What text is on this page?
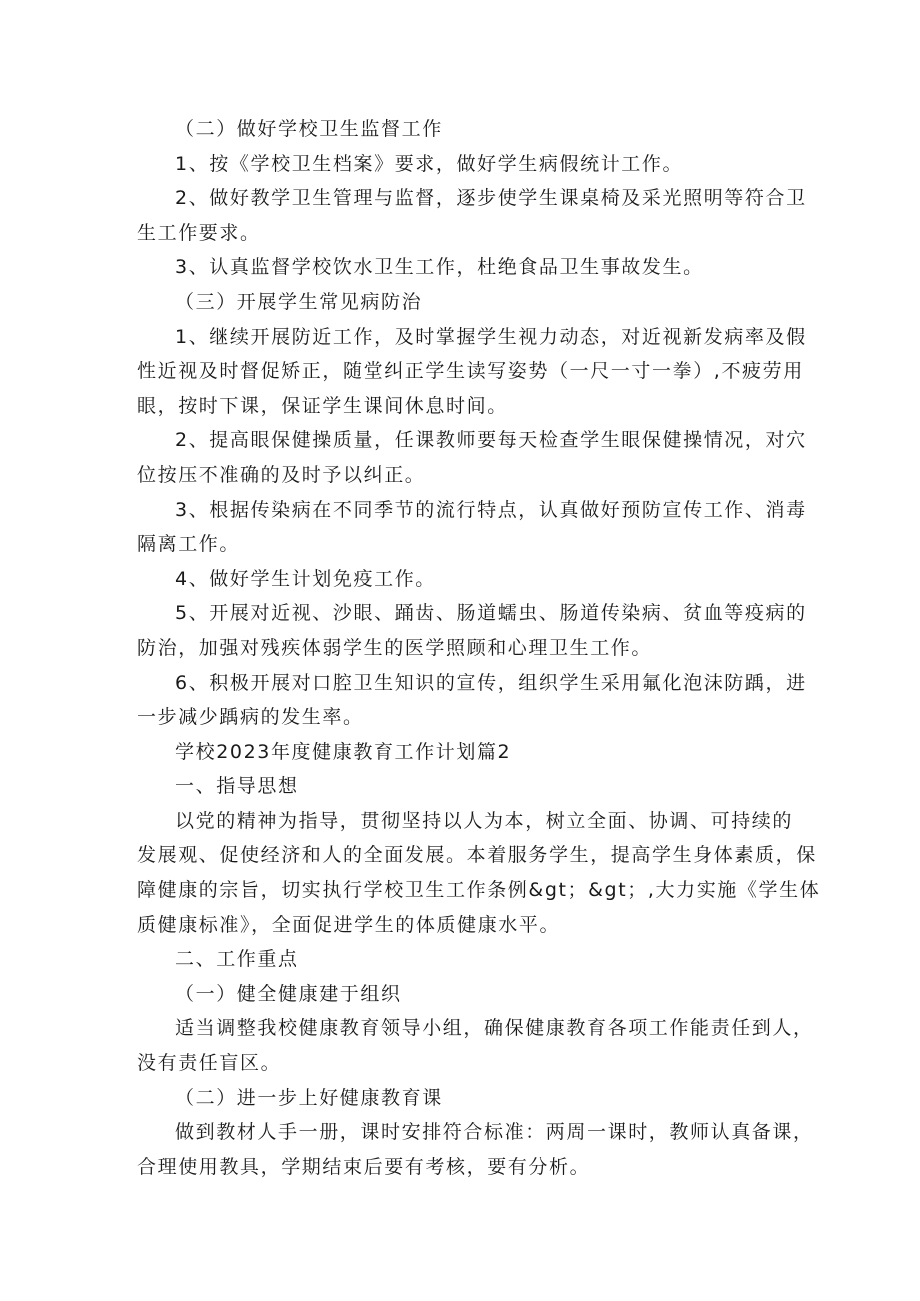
（二）做好学校卫生监督工作

1、按《学校卫生档案》要求，做好学生病假统计工作。

2、做好教学卫生管理与监督，逐步使学生课桌椅及采光照明等符合卫

生工作要求。

3、认真监督学校饮水卫生工作，杜绝食品卫生事故发生。

（三）开展学生常见病防治

1、继续开展防近工作，及时掌握学生视力动态，对近视新发病率及假

性近视及时督促矫正，随堂纠正学生读写姿势（一尺一寸一拳）,不疲劳用

眼，按时下课，保证学生课间休息时间。

2、提高眼保健操质量，任课教师要每天检查学生眼保健操情况，对穴

位按压不准确的及时予以纠正。

3、根据传染病在不同季节的流行特点，认真做好预防宣传工作、消毒

隔离工作。

4、做好学生计划免疫工作。

5、开展对近视、沙眼、踊齿、肠道蠕虫、肠道传染病、贫血等疫病的

防治，加强对残疾体弱学生的医学照顾和心理卫生工作。

6、积极开展对口腔卫生知识的宣传，组织学生采用氟化泡沫防踽，进

一步减少踽病的发生率。

学校2023年度健康教育工作计划篇2

一、指导思想

以党的精神为指导，贯彻坚持以人为本，树立全面、协调、可持续的

发展观、促使经济和人的全面发展。本着服务学生，提高学生身体素质，保

障健康的宗旨，切实执行学校卫生工作条例&gt；&gt；,大力实施《学生体

质健康标准》，全面促进学生的体质健康水平。

二、工作重点

（一）健全健康建于组织

适当调整我校健康教育领导小组，确保健康教育各项工作能责任到人，

没有责任盲区。

（二）进一步上好健康教育课

做到教材人手一册，课时安排符合标准：两周一课时，教师认真备课，

合理使用教具，学期结束后要有考核，要有分析。
